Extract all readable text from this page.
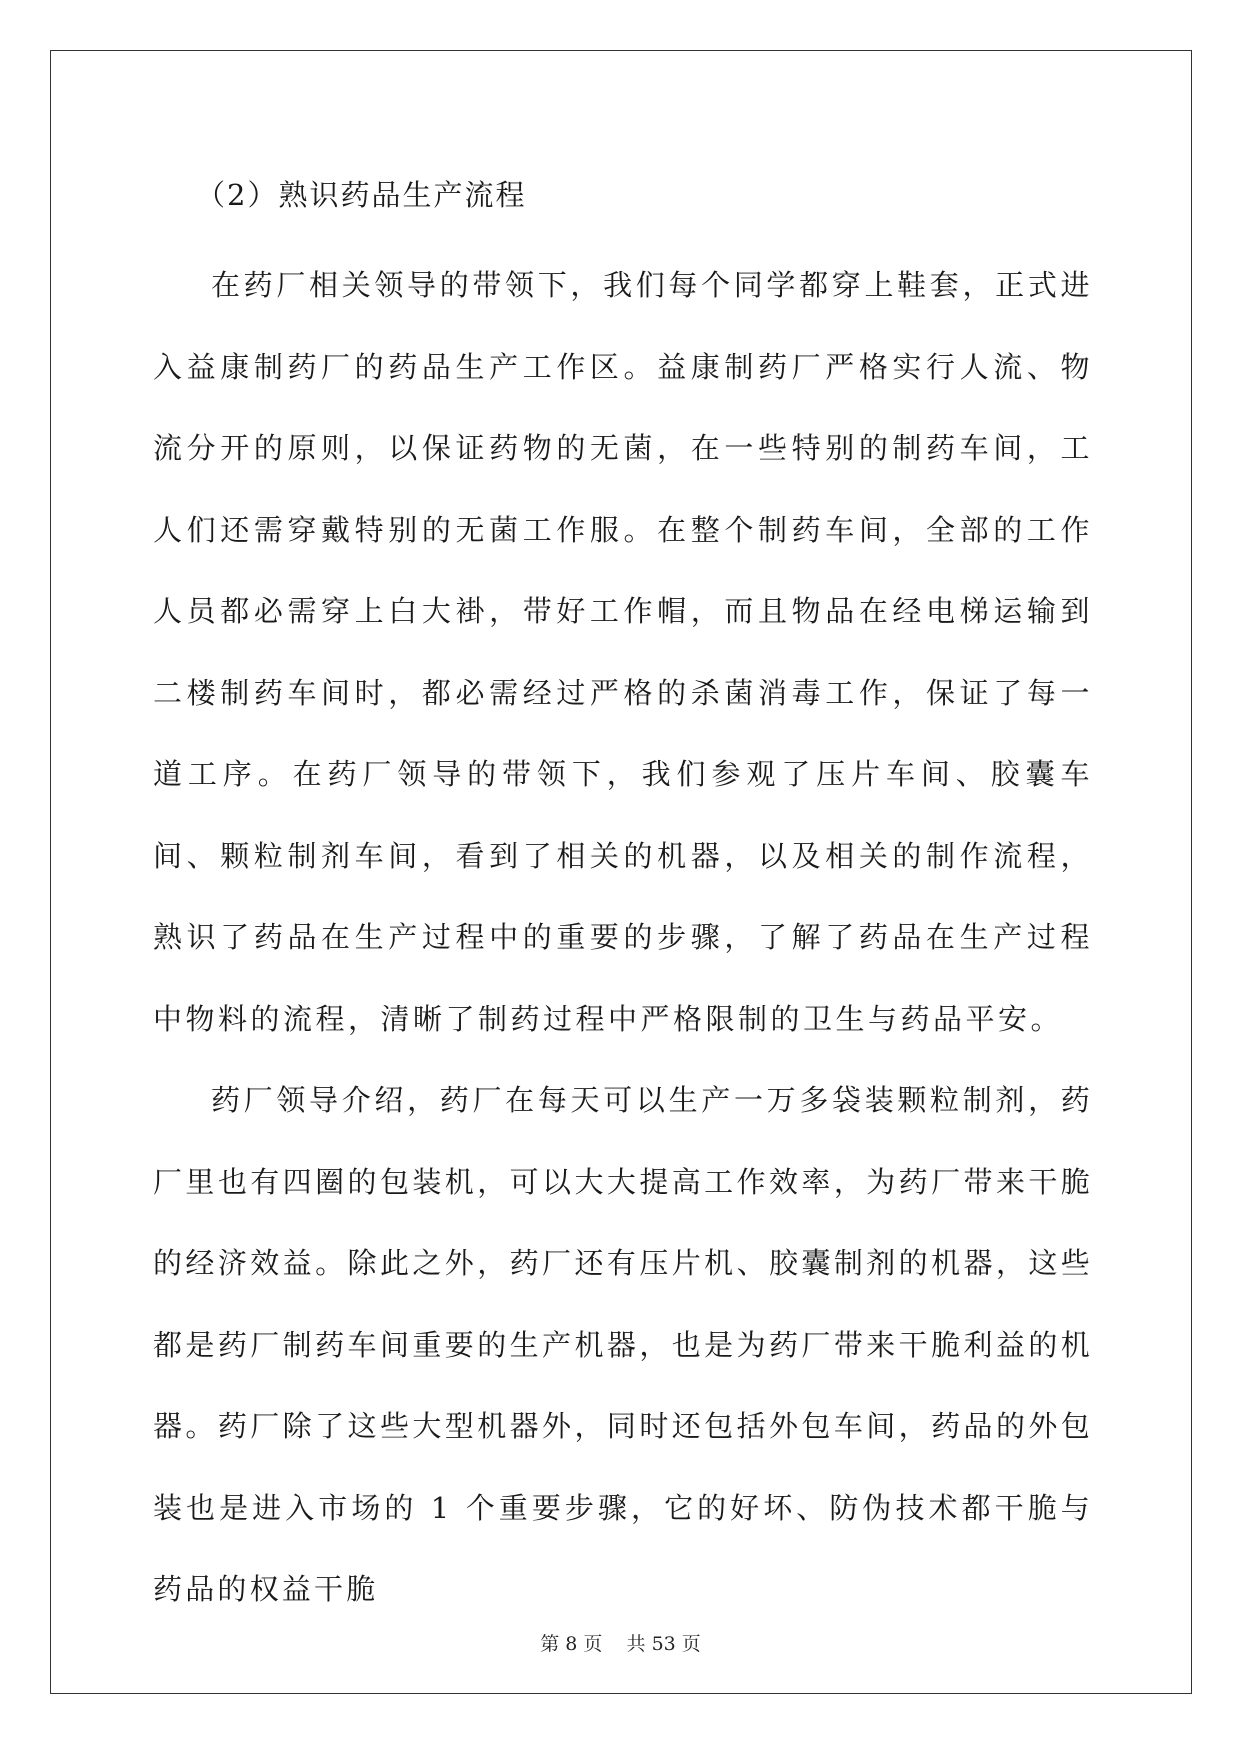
（2）熟识药品生产流程

在药厂相关领导的带领下，我们每个同学都穿上鞋套，正式进入益康制药厂的药品生产工作区。益康制药厂严格实行人流、物流分开的原则，以保证药物的无菌，在一些特别的制药车间，工人们还需穿戴特别的无菌工作服。在整个制药车间，全部的工作人员都必需穿上白大褂，带好工作帽，而且物品在经电梯运输到二楼制药车间时，都必需经过严格的杀菌消毒工作，保证了每一道工序。在药厂领导的带领下，我们参观了压片车间、胶囊车间、颗粒制剂车间，看到了相关的机器，以及相关的制作流程，熟识了药品在生产过程中的重要的步骤，了解了药品在生产过程中物料的流程，清晰了制药过程中严格限制的卫生与药品平安。

药厂领导介绍，药厂在每天可以生产一万多袋装颗粒制剂，药厂里也有四圈的包装机，可以大大提高工作效率，为药厂带来干脆的经济效益。除此之外，药厂还有压片机、胶囊制剂的机器，这些都是药厂制药车间重要的生产机器，也是为药厂带来干脆利益的机器。药厂除了这些大型机器外，同时还包括外包车间，药品的外包装也是进入市场的 1 个重要步骤，它的好坏、防伪技术都干脆与药品的权益干脆

第 8 页    共 53 页
